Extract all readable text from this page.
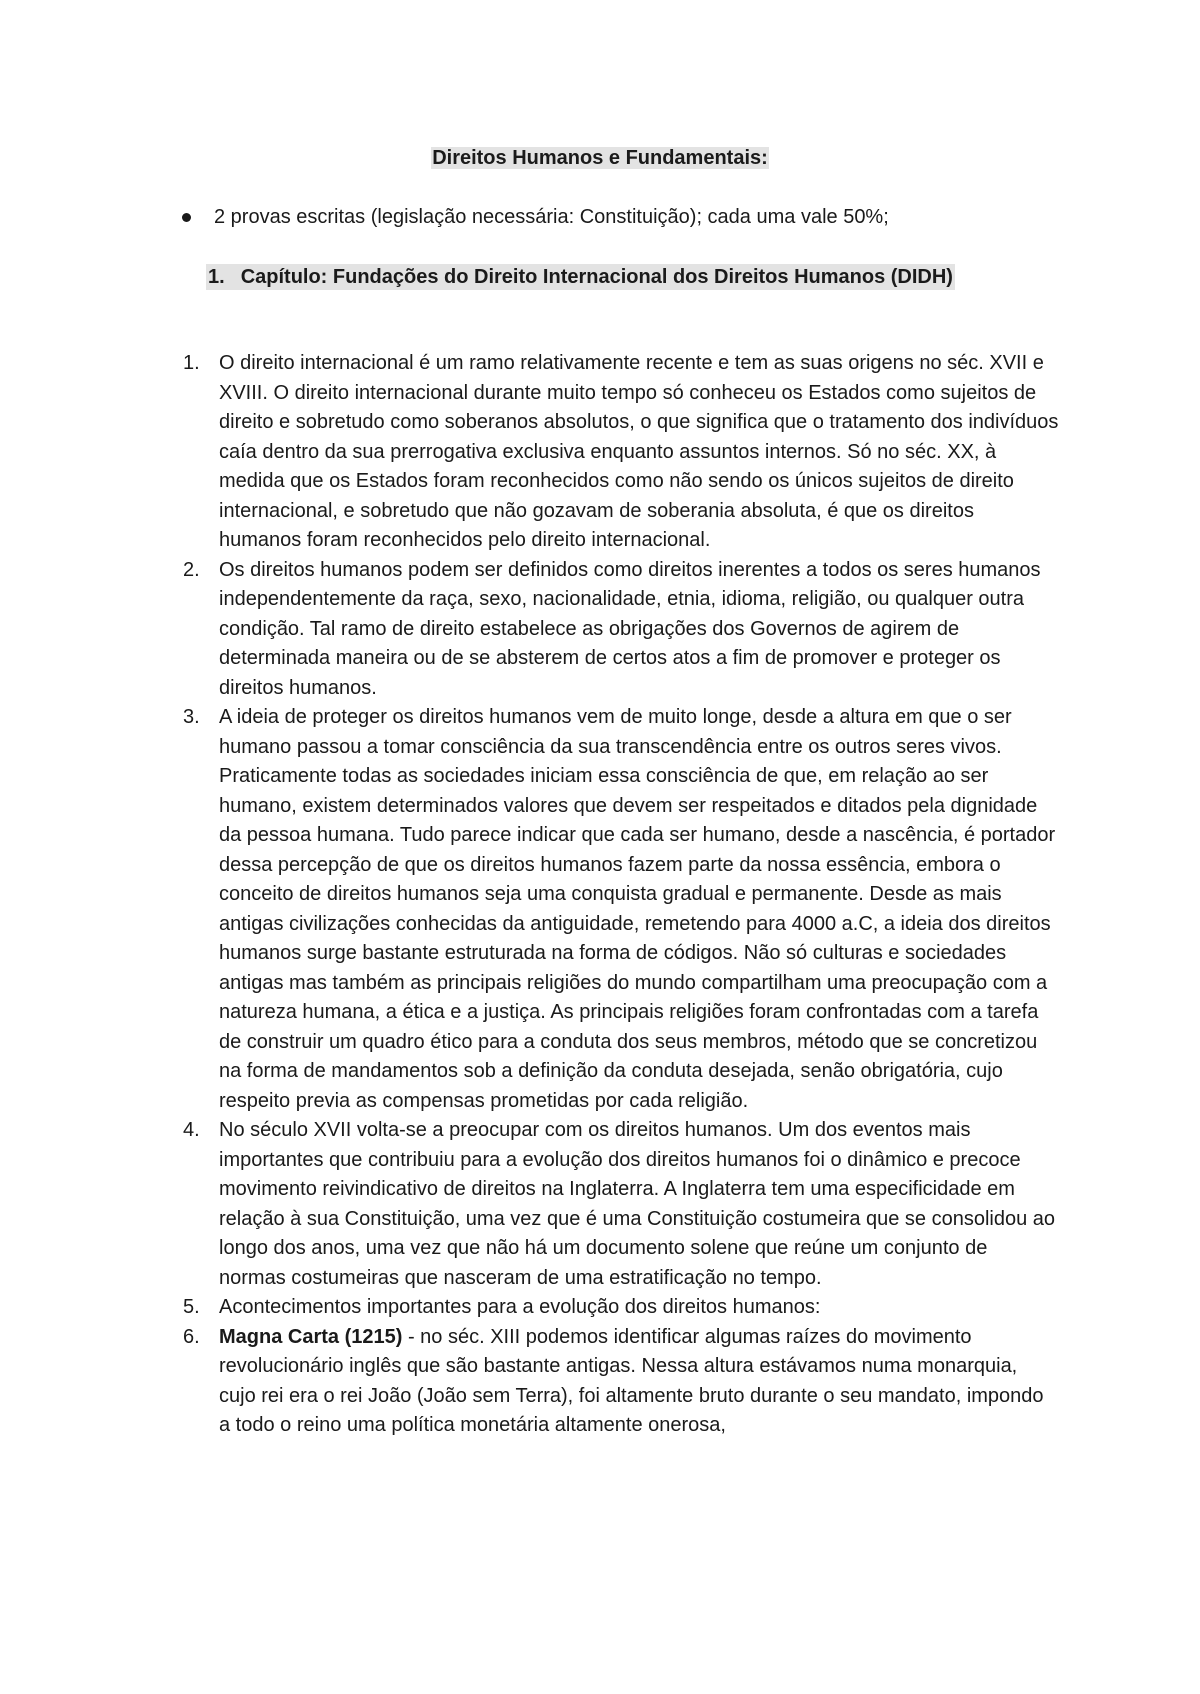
Direitos Humanos e Fundamentais:
2 provas escritas (legislação necessária: Constituição); cada uma vale 50%;
1. Capítulo: Fundações do Direito Internacional dos Direitos Humanos (DIDH)
1. O direito internacional é um ramo relativamente recente e tem as suas origens no séc. XVII e XVIII. O direito internacional durante muito tempo só conheceu os Estados como sujeitos de direito e sobretudo como soberanos absolutos, o que significa que o tratamento dos indivíduos caía dentro da sua prerrogativa exclusiva enquanto assuntos internos. Só no séc. XX, à medida que os Estados foram reconhecidos como não sendo os únicos sujeitos de direito internacional, e sobretudo que não gozavam de soberania absoluta, é que os direitos humanos foram reconhecidos pelo direito internacional.
2. Os direitos humanos podem ser definidos como direitos inerentes a todos os seres humanos independentemente da raça, sexo, nacionalidade, etnia, idioma, religião, ou qualquer outra condição. Tal ramo de direito estabelece as obrigações dos Governos de agirem de determinada maneira ou de se absterem de certos atos a fim de promover e proteger os direitos humanos.
3. A ideia de proteger os direitos humanos vem de muito longe, desde a altura em que o ser humano passou a tomar consciência da sua transcendência entre os outros seres vivos. Praticamente todas as sociedades iniciam essa consciência de que, em relação ao ser humano, existem determinados valores que devem ser respeitados e ditados pela dignidade da pessoa humana. Tudo parece indicar que cada ser humano, desde a nascência, é portador dessa percepção de que os direitos humanos fazem parte da nossa essência, embora o conceito de direitos humanos seja uma conquista gradual e permanente. Desde as mais antigas civilizações conhecidas da antiguidade, remetendo para 4000 a.C, a ideia dos direitos humanos surge bastante estruturada na forma de códigos. Não só culturas e sociedades antigas mas também as principais religiões do mundo compartilham uma preocupação com a natureza humana, a ética e a justiça. As principais religiões foram confrontadas com a tarefa de construir um quadro ético para a conduta dos seus membros, método que se concretizou na forma de mandamentos sob a definição da conduta desejada, senão obrigatória, cujo respeito previa as compensas prometidas por cada religião.
4. No século XVII volta-se a preocupar com os direitos humanos. Um dos eventos mais importantes que contribuiu para a evolução dos direitos humanos foi o dinâmico e precoce movimento reivindicativo de direitos na Inglaterra. A Inglaterra tem uma especificidade em relação à sua Constituição, uma vez que é uma Constituição costumeira que se consolidou ao longo dos anos, uma vez que não há um documento solene que reúne um conjunto de normas costumeiras que nasceram de uma estratificação no tempo.
5. Acontecimentos importantes para a evolução dos direitos humanos:
6. Magna Carta (1215) - no séc. XIII podemos identificar algumas raízes do movimento revolucionário inglês que são bastante antigas. Nessa altura estávamos numa monarquia, cujo rei era o rei João (João sem Terra), foi altamente bruto durante o seu mandato, impondo a todo o reino uma política monetária altamente onerosa,
